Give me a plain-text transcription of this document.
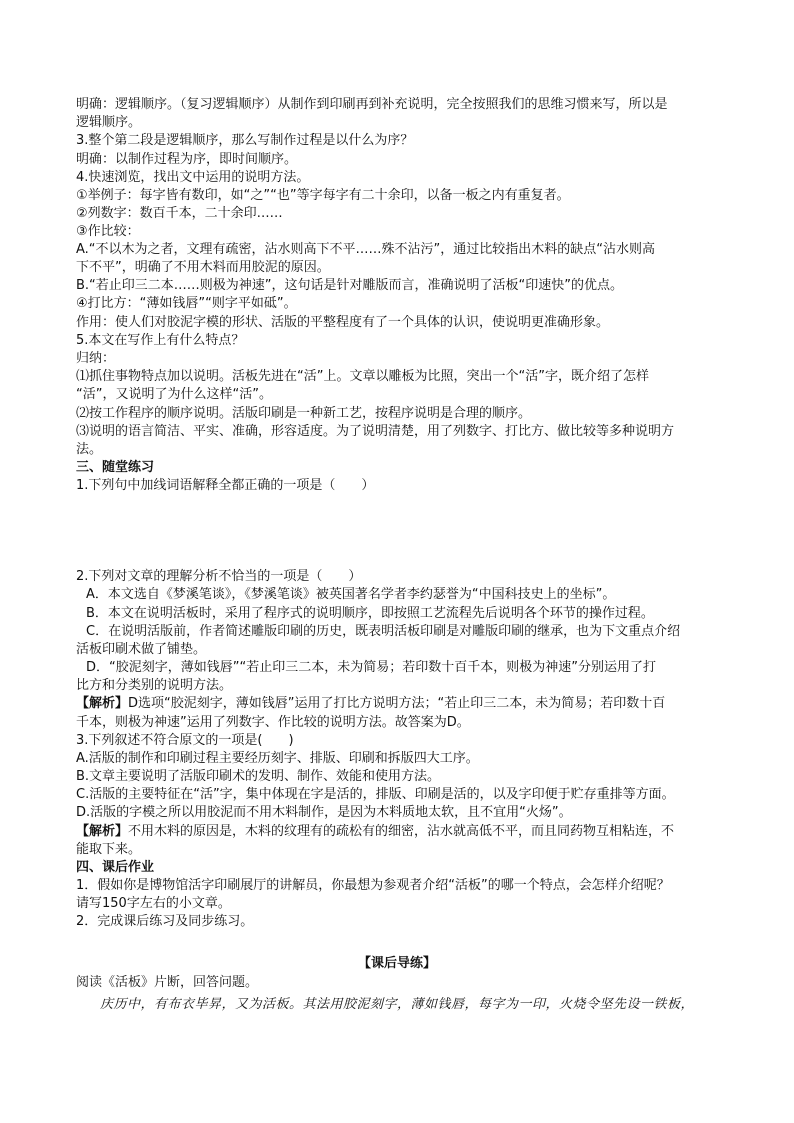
明确：逻辑顺序。（复习逻辑顺序）从制作到印刷再到补充说明，完全按照我们的思维习惯来写，所以是
逻辑顺序。
3.整个第二段是逻辑顺序，那么写制作过程是以什么为序？
明确：以制作过程为序，即时间顺序。
4.快速浏览，找出文中运用的说明方法。
①举例子：每字皆有数印，如“之”“也”等字每字有二十余印，以备一板之内有重复者。
②列数字：数百千本，二十余印……
③作比较：
A.“不以木为之者，文理有疏密，沾水则高下不平……殊不沾污”，通过比较指出木料的缺点“沾水则高
下不平”，明确了不用木料而用胶泥的原因。
B.“若止印三二本……则极为神速”，这句话是针对雕版而言，准确说明了活板“印速快”的优点。
④打比方：“薄如钱唇”“则字平如砥”。
作用：使人们对胶泥字模的形状、活版的平整程度有了一个具体的认识，使说明更准确形象。
5.本文在写作上有什么特点？
归纳：
⑴抓住事物特点加以说明。活板先进在“活”上。文章以雕板为比照，突出一个“活”字，既介绍了怎样
“活”，又说明了为什么这样“活”。
⑵按工作程序的顺序说明。活版印刷是一种新工艺，按程序说明是合理的顺序。
⑶说明的语言简洁、平实、准确，形容适度。为了说明清楚，用了列数字、打比方、做比较等多种说明方
法。
三、随堂练习
1.下列句中加线词语解释全都正确的一项是（　　）
2.下列对文章的理解分析不恰当的一项是（　　）
A．本文选自《梦溪笔谈》，《梦溪笔谈》被英国著名学者李约瑟誉为“中国科技史上的坐标”。
B．本文在说明活板时，采用了程序式的说明顺序，即按照工艺流程先后说明各个环节的操作过程。
C．在说明活版前，作者简述雕版印刷的历史，既表明活板印刷是对雕版印刷的继承，也为下文重点介绍
活板印刷术做了铺垫。
D．“胶泥刻字，薄如钱唇”“若止印三二本，未为简易；若印数十百千本，则极为神速”分别运用了打
比方和分类别的说明方法。
【解析】D选项“胶泥刻字，薄如钱唇”运用了打比方说明方法；“若止印三二本，未为简易；若印数十百
千本，则极为神速”运用了列数字、作比较的说明方法。故答案为D。
3.下列叙述不符合原文的一项是(　　)
A.活版的制作和印刷过程主要经历刻字、排版、印刷和拆版四大工序。
B.文章主要说明了活版印刷术的发明、制作、效能和使用方法。
C.活版的主要特征在“活”字，集中体现在字是活的，排版、印刷是活的，以及字印便于贮存重排等方面。
D.活版的字模之所以用胶泥而不用木料制作，是因为木料质地太软，且不宜用“火炀”。
【解析】不用木料的原因是，木料的纹理有的疏松有的细密，沾水就高低不平，而且同药物互相粘连，不
能取下来。
四、课后作业
1．假如你是博物馆活字印刷展厅的讲解员，你最想为参观者介绍“活板”的哪一个特点，会怎样介绍呢？
请写150字左右的小文章。
2．完成课后练习及同步练习。
【课后导练】
阅读《活板》片断，回答问题。
庆历中，有布衣毕昇，又为活板。其法用胶泥刻字，薄如钱唇，每字为一印，火烧令坚先设一铁板，
